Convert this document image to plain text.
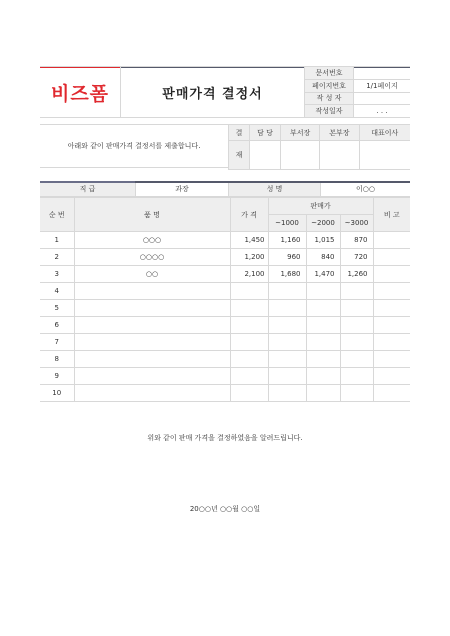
비즈폼	판매가격 결정서	문서번호	
		페이지번호	1/1페이지
		작 성 자	
		작성일자	. . .
아래와 같이 판매가격 결정서를 제출합니다.
결	담 당	부서장	본부장	대표이사
재				
직 급	과장	성 명	이○○
순 번	품 명	가 격	판매가			비 고
			~1000	~2000	~3000	
1	○○○	1,450	1,160	1,015	870	
2	○○○○	1,200	960	840	720	
3	○○	2,100	1,680	1,470	1,260	
4						
5						
6						
7						
8						
9						
10						
위와 같이 판매 가격을 결정하였음을 알려드립니다.
20○○년 ○○월 ○○일
